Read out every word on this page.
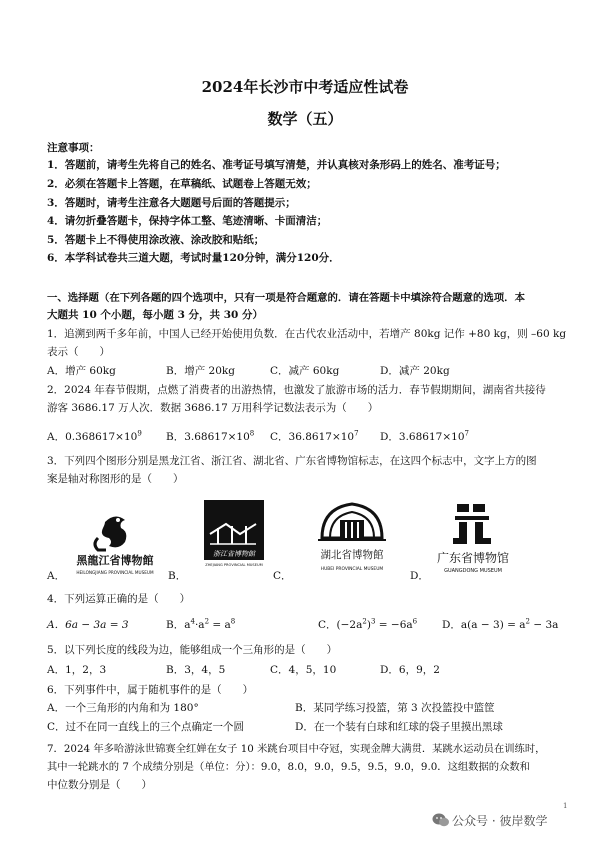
2024年长沙市中考适应性试卷
数学（五）
注意事项：
1．答题前，请考生先将自己的姓名、准考证号填写清楚，并认真核对条形码上的姓名、准考证号；
2．必须在答题卡上答题，在草稿纸、试题卷上答题无效；
3．答题时，请考生注意各大题题号后面的答题提示；
4．请勿折叠答题卡，保持字体工整、笔迹清晰、卡面清洁；
5．答题卡上不得使用涂改液、涂改胶和贴纸；
6．本学科试卷共三道大题，考试时量120分钟，满分120分．
一、选择题（在下列各题的四个选项中，只有一项是符合题意的．请在答题卡中填涂符合题意的选项．本
大题共 10 个小题，每小题 3 分，共 30 分）
1．追溯到两千多年前，中国人已经开始使用负数．在古代农业活动中，若增产 80kg 记作 +80 kg，则 –60 kg
表示（　　）
A．增产 60kg	B．增产 20kg	C．减产 60kg	D．减产 20kg
2．2024 年春节假期，点燃了消费者的出游热情，也激发了旅游市场的活力．春节假期期间，湖南省共接待
游客 3686.17 万人次．数据 3686.17 万用科学记数法表示为（　　）
A．$0.368617\times 10^9$ B．$3.68617\times 10^8$ C．$36.8617\times 10^7$ D．$3.68617\times 10^7$
3．下列四个图形分别是黑龙江省、浙江省、湖北省、广东省博物馆标志，在这四个标志中，文字上方的图
案是轴对称图形的是（　　）
黑龍江省博物館
HEILONGJIANG PROVINCIAL MUSEUM
A．
浙江省博物館
ZHEJIANG PROVINCIAL MUSEUM
B．
湖北省博物館
HUBEI PROVINCIAL MUSEUM
C．
广东省博物馆
GUANGDONG MUSEUM
D．
4．下列运算正确的是（　　）
A．6a − 3a = 3	B．$a^4\cdot a^2 = a^8$	C．$(-2a^2)^3 = -6a^6$ D．$a(a - 3) = a^2 - 3a$
5．以下列长度的线段为边，能够组成一个三角形的是（　　）
A．1，2，3	B．3，4，5	C．4，5，10	D．6，9，2
6．下列事件中，属于随机事件的是（　　）
A．一个三角形的内角和为 180°	B．某同学练习投篮，第 3 次投篮投中篮筐
C．过不在同一直线上的三个点确定一个圆	D．在一个装有白球和红球的袋子里摸出黑球
7．2024 年多哈游泳世锦赛全红婵在女子 10 米跳台项目中夺冠，实现金牌大满贯．某跳水运动员在训练时，
其中一轮跳水的 7 个成绩分别是（单位：分）：9.0，8.0，9.0，9.5，9.5，9.0，9.0．这组数据的众数和
中位数分别是（　　）
1
公众号 · 彼岸数学
